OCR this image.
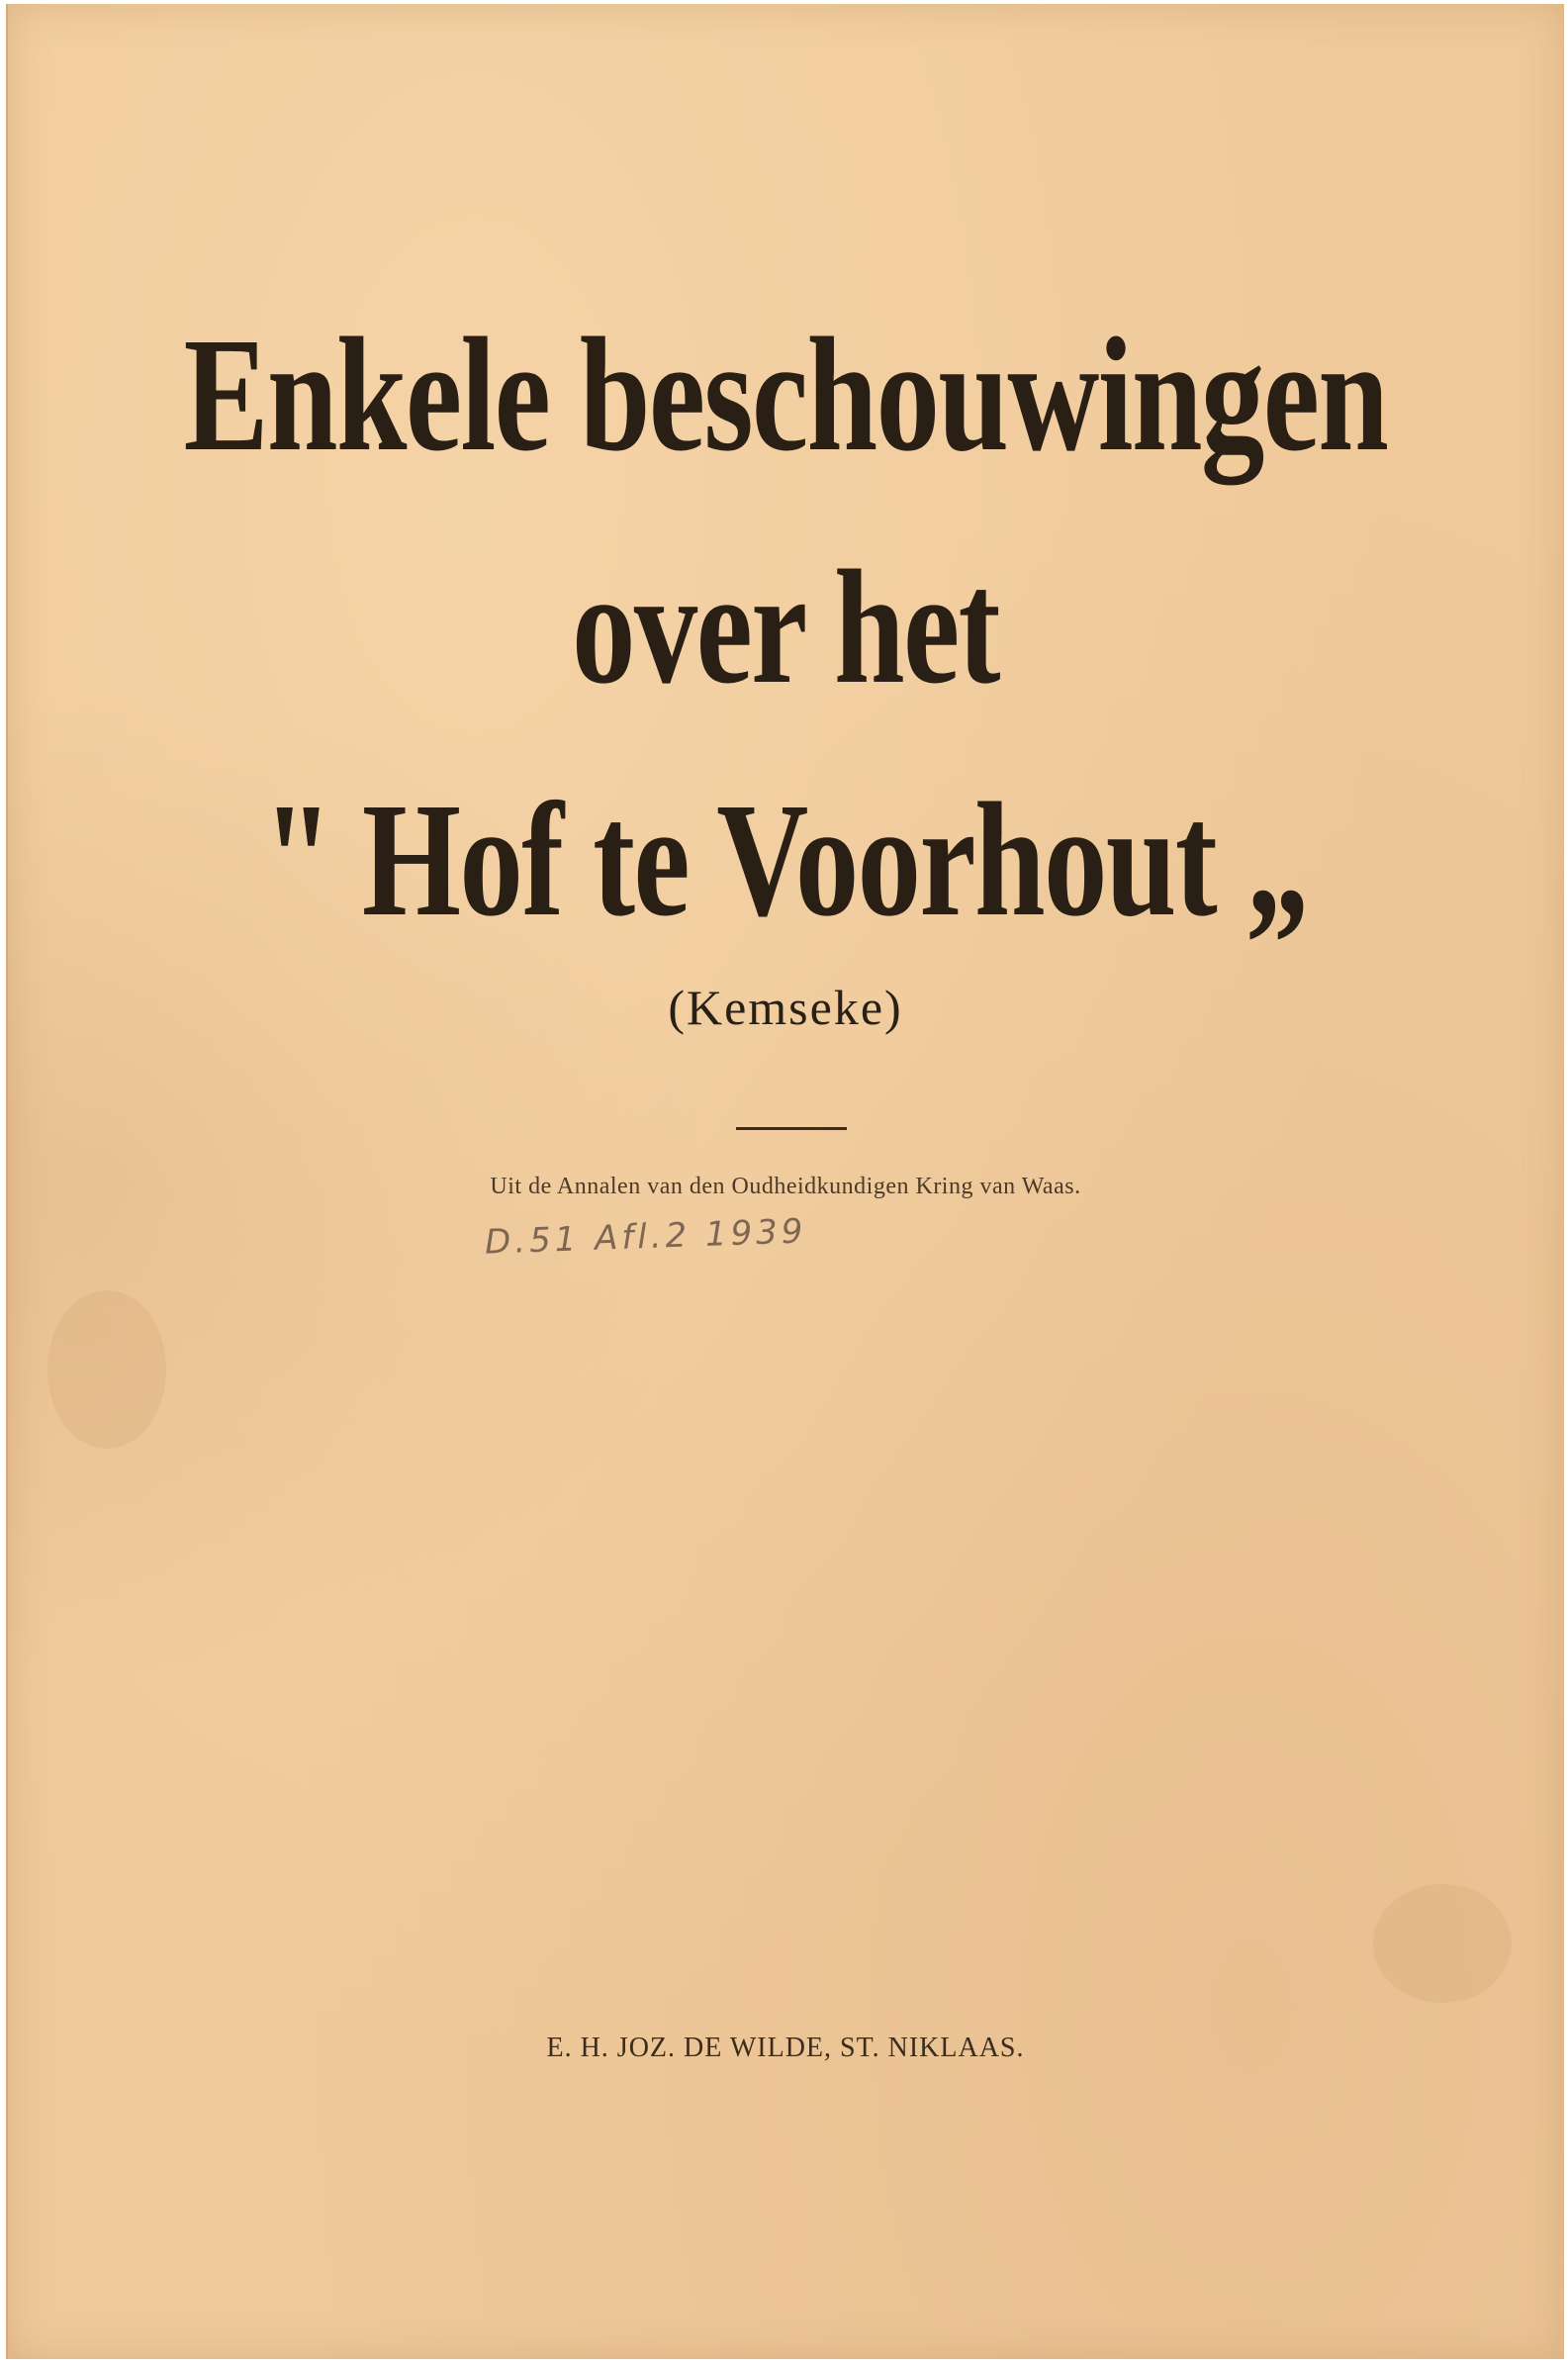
Enkele beschouwingen
over het
" Hof te Voorhout „
(Kemseke)
Uit de Annalen van den Oudheidkundigen Kring van Waas.
D.51 Afl.2 1939
E. H. JOZ. DE WILDE, ST. NIKLAAS.
